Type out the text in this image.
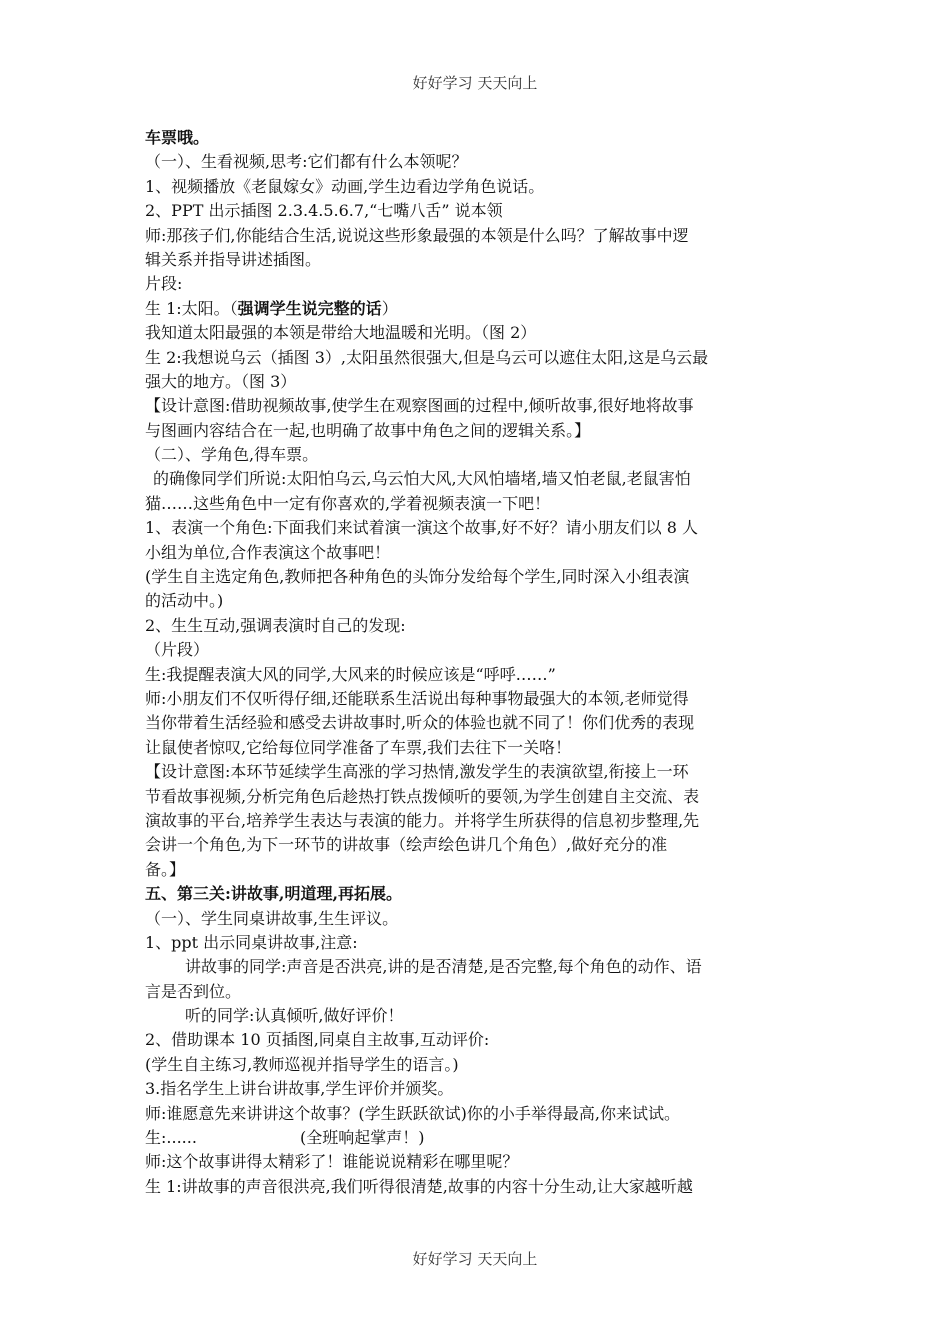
好好学习 天天向上
车票哦。
（一）、生看视频,思考:它们都有什么本领呢？
1、视频播放《老鼠嫁女》动画,学生边看边学角色说话。
2、PPT 出示插图 2.3.4.5.6.7,“七嘴八舌” 说本领
师:那孩子们,你能结合生活,说说这些形象最强的本领是什么吗？了解故事中逻
辑关系并指导讲述插图。
片段:
生 1:太阳。（强调学生说完整的话）
我知道太阳最强的本领是带给大地温暖和光明。（图 2）
生 2:我想说乌云（插图 3）,太阳虽然很强大,但是乌云可以遮住太阳,这是乌云最
强大的地方。（图 3）
【设计意图:借助视频故事,使学生在观察图画的过程中,倾听故事,很好地将故事
与图画内容结合在一起,也明确了故事中角色之间的逻辑关系。】
（二）、学角色,得车票。
的确像同学们所说:太阳怕乌云,乌云怕大风,大风怕墙堵,墙又怕老鼠,老鼠害怕
猫……这些角色中一定有你喜欢的,学着视频表演一下吧！
1、表演一个角色:下面我们来试着演一演这个故事,好不好？请小朋友们以 8 人
小组为单位,合作表演这个故事吧！
(学生自主选定角色,教师把各种角色的头饰分发给每个学生,同时深入小组表演
的活动中。)
2、生生互动,强调表演时自己的发现:
（片段）
生:我提醒表演大风的同学,大风来的时候应该是“呼呼……”
师:小朋友们不仅听得仔细,还能联系生活说出每种事物最强大的本领,老师觉得
当你带着生活经验和感受去讲故事时,听众的体验也就不同了！你们优秀的表现
让鼠使者惊叹,它给每位同学准备了车票,我们去往下一关咯！
【设计意图:本环节延续学生高涨的学习热情,激发学生的表演欲望,衔接上一环
节看故事视频,分析完角色后趁热打铁点拨倾听的要领,为学生创建自主交流、表
演故事的平台,培养学生表达与表演的能力。并将学生所获得的信息初步整理,先
会讲一个角色,为下一环节的讲故事（绘声绘色讲几个角色）,做好充分的准
备。】
五、第三关:讲故事,明道理,再拓展。
（一）、学生同桌讲故事,生生评议。
1、ppt 出示同桌讲故事,注意:
讲故事的同学:声音是否洪亮,讲的是否清楚,是否完整,每个角色的动作、语
言是否到位。
听的同学:认真倾听,做好评价！
2、借助课本 10 页插图,同桌自主故事,互动评价:
(学生自主练习,教师巡视并指导学生的语言。)
3.指名学生上讲台讲故事,学生评价并颁奖。
师:谁愿意先来讲讲这个故事？(学生跃跃欲试)你的小手举得最高,你来试试。
生:......	(全班响起掌声！)
师:这个故事讲得太精彩了！谁能说说精彩在哪里呢？
生 1:讲故事的声音很洪亮,我们听得很清楚,故事的内容十分生动,让大家越听越
好好学习 天天向上
